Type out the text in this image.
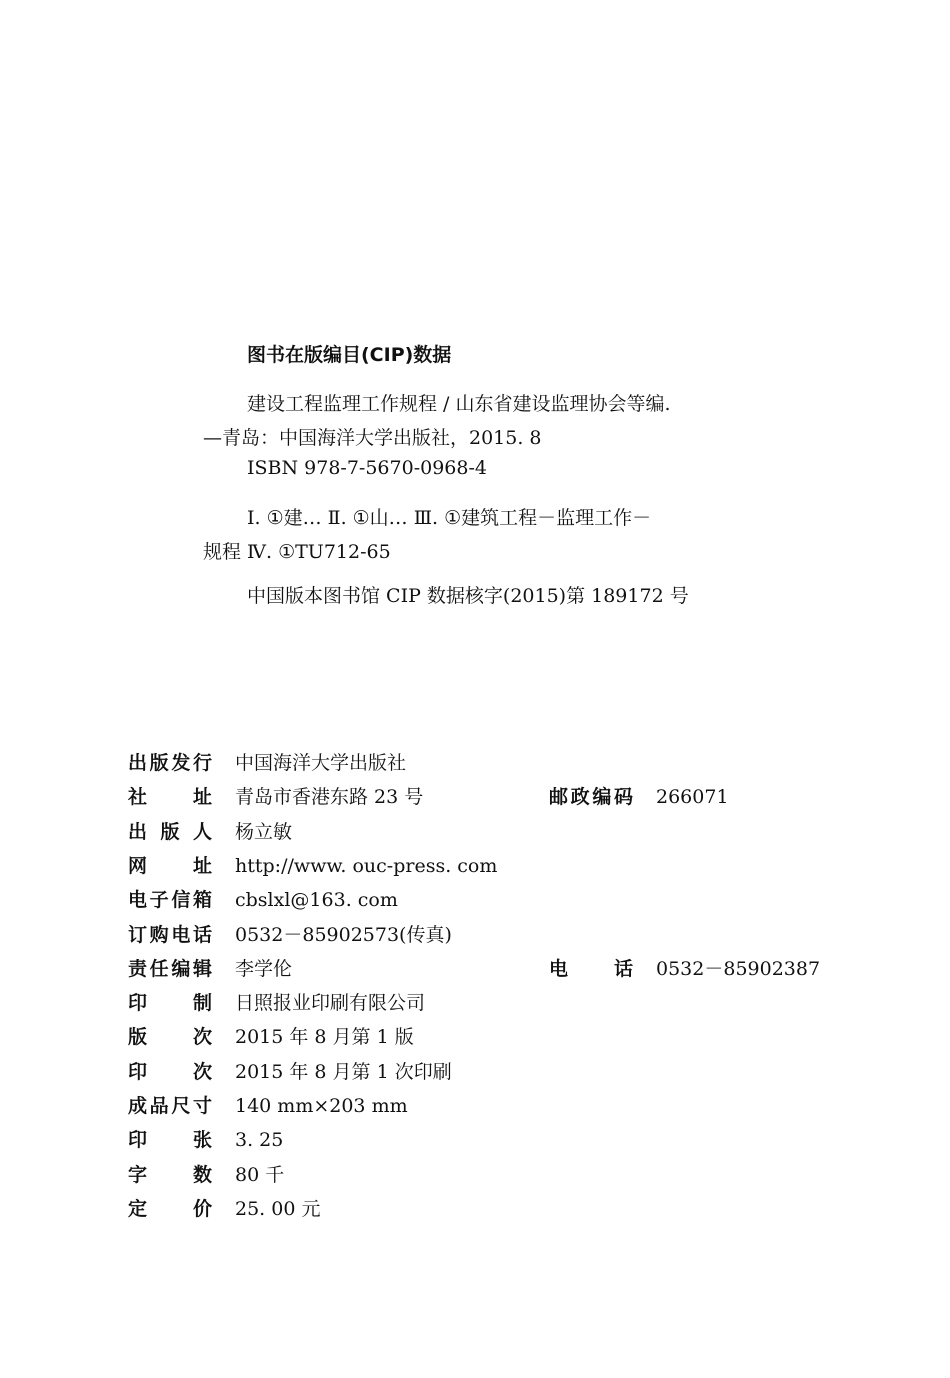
图书在版编目(CIP)数据
建设工程监理工作规程 / 山东省建设监理协会等编.
—青岛：中国海洋大学出版社，2015. 8
ISBN 978-7-5670-0968-4
Ⅰ. ①建… Ⅱ. ①山… Ⅲ. ①建筑工程－监理工作－
规程 Ⅳ. ①TU712-65
中国版本图书馆 CIP 数据核字(2015)第 189172 号
出 版 发 行 中国海洋大学出版社
社 址 青岛市香港东路 23 号	邮 政 编 码 266071
出 版 人 杨立敏
网 址 http://www. ouc-press. com
电 子 信 箱 cbslxl@163. com
订 购 电 话 0532－85902573(传真)
责 任 编 辑 李学伦	电 话 0532－85902387
印 制 日照报业印刷有限公司
版 次 2015 年 8 月第 1 版
印 次 2015 年 8 月第 1 次印刷
成 品 尺 寸 140 mm×203 mm
印 张 3. 25
字 数 80 千
定 价 25. 00 元
